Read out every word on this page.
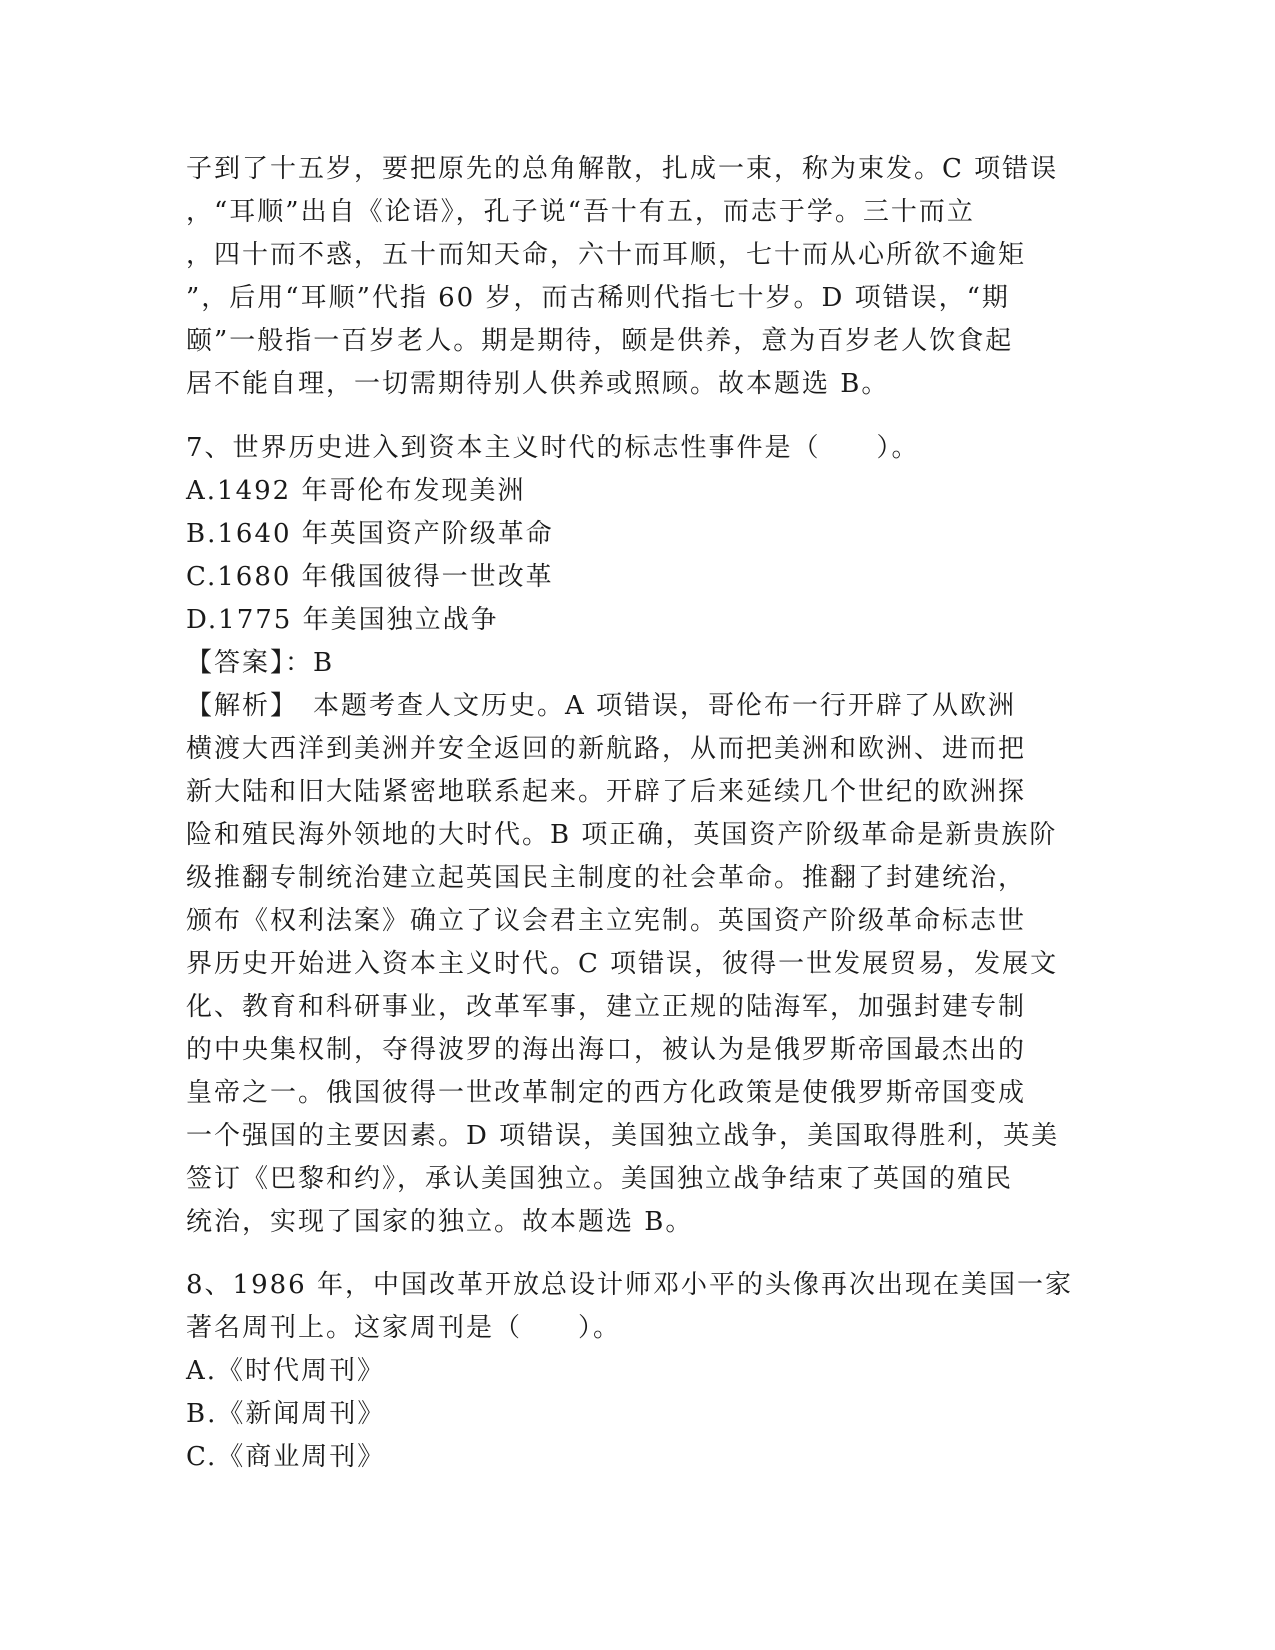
子到了十五岁，要把原先的总角解散，扎成一束，称为束发。C 项错误
，“耳顺”出自《论语》，孔子说“吾十有五，而志于学。三十而立
，四十而不惑，五十而知天命，六十而耳顺，七十而从心所欲不逾矩
”，后用“耳顺”代指 60 岁，而古稀则代指七十岁。D 项错误，“期
颐”一般指一百岁老人。期是期待，颐是供养，意为百岁老人饮食起
居不能自理，一切需期待别人供养或照顾。故本题选 B。
7、世界历史进入到资本主义时代的标志性事件是（　　）。
A.1492 年哥伦布发现美洲
B.1640 年英国资产阶级革命
C.1680 年俄国彼得一世改革
D.1775 年美国独立战争
【答案】：B
【解析】　本题考查人文历史。A 项错误，哥伦布一行开辟了从欧洲
横渡大西洋到美洲并安全返回的新航路，从而把美洲和欧洲、进而把
新大陆和旧大陆紧密地联系起来。开辟了后来延续几个世纪的欧洲探
险和殖民海外领地的大时代。B 项正确，英国资产阶级革命是新贵族阶
级推翻专制统治建立起英国民主制度的社会革命。推翻了封建统治，
颁布《权利法案》确立了议会君主立宪制。英国资产阶级革命标志世
界历史开始进入资本主义时代。C 项错误，彼得一世发展贸易，发展文
化、教育和科研事业，改革军事，建立正规的陆海军，加强封建专制
的中央集权制，夺得波罗的海出海口，被认为是俄罗斯帝国最杰出的
皇帝之一。俄国彼得一世改革制定的西方化政策是使俄罗斯帝国变成
一个强国的主要因素。D 项错误，美国独立战争，美国取得胜利，英美
签订《巴黎和约》，承认美国独立。美国独立战争结束了英国的殖民
统治，实现了国家的独立。故本题选 B。
8、1986 年，中国改革开放总设计师邓小平的头像再次出现在美国一家
著名周刊上。这家周刊是（　　）。
A.《时代周刊》
B.《新闻周刊》
C.《商业周刊》
